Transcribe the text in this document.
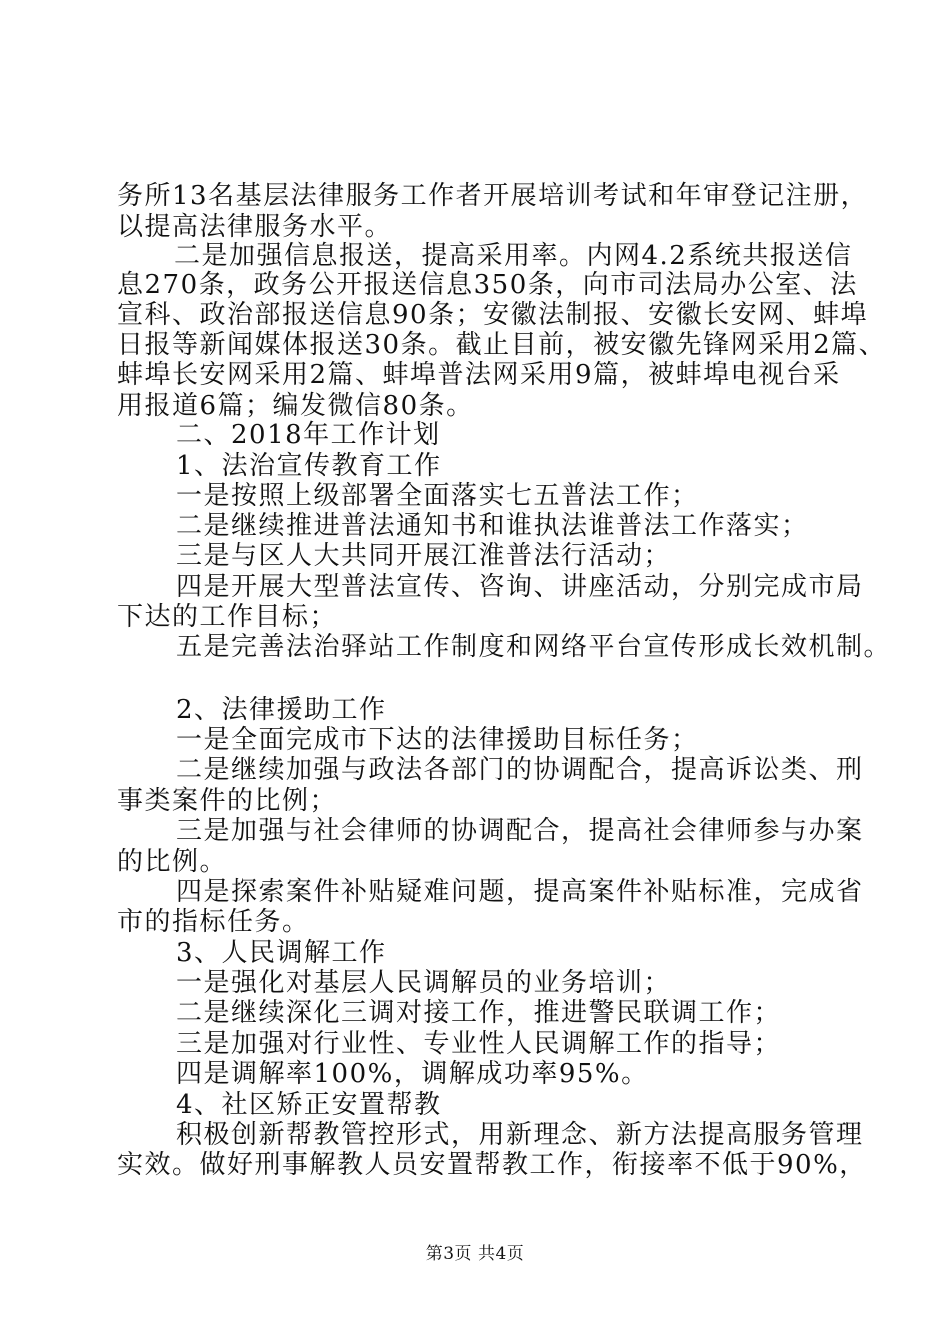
务所13名基层法律服务工作者开展培训考试和年审登记注册，
以提高法律服务水平。
二是加强信息报送，提高采用率。内网4.2系统共报送信
息270条，政务公开报送信息350条，向市司法局办公室、法
宣科、政治部报送信息90条；安徽法制报、安徽长安网、蚌埠
日报等新闻媒体报送30条。截止目前，被安徽先锋网采用2篇、
蚌埠长安网采用2篇、蚌埠普法网采用9篇，被蚌埠电视台采
用报道6篇；编发微信80条。
二、2018年工作计划
1、法治宣传教育工作
一是按照上级部署全面落实七五普法工作；
二是继续推进普法通知书和谁执法谁普法工作落实；
三是与区人大共同开展江淮普法行活动；
四是开展大型普法宣传、咨询、讲座活动，分别完成市局
下达的工作目标；
五是完善法治驿站工作制度和网络平台宣传形成长效机制。
2、法律援助工作
一是全面完成市下达的法律援助目标任务；
二是继续加强与政法各部门的协调配合，提高诉讼类、刑
事类案件的比例；
三是加强与社会律师的协调配合，提高社会律师参与办案
的比例。
四是探索案件补贴疑难问题，提高案件补贴标准，完成省
市的指标任务。
3、人民调解工作
一是强化对基层人民调解员的业务培训；
二是继续深化三调对接工作，推进警民联调工作；
三是加强对行业性、专业性人民调解工作的指导；
四是调解率100%，调解成功率95%。
4、社区矫正安置帮教
积极创新帮教管控形式，用新理念、新方法提高服务管理
实效。做好刑事解教人员安置帮教工作，衔接率不低于90%，
第3页 共4页
